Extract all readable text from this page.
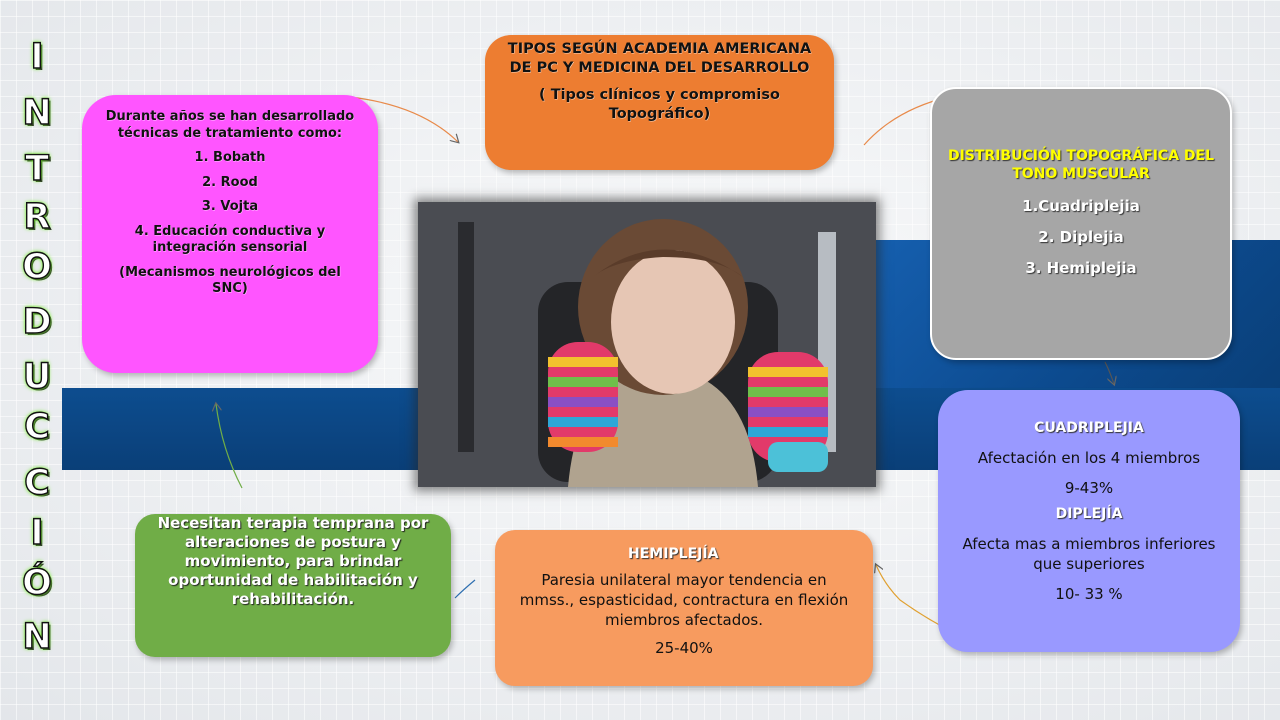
I
N
T
R
O
D
U
C
C
I
Ó
N

TIPOS SEGÚN ACADEMIA AMERICANA DE PC Y MEDICINA DEL DESARROLLO

( Tipos clínicos y compromiso Topográfico)

Durante años se han desarrollado técnicas de tratamiento como:

1. Bobath

2. Rood

3. Vojta

4. Educación conductiva y integración sensorial

(Mecanismos neurológicos del SNC)

DISTRIBUCIÓN TOPOGRÁFICA DEL TONO MUSCULAR

1.Cuadriplejia

2. Diplejia

3. Hemiplejia

CUADRIPLEJIA

Afectación en los 4 miembros

9-43%

DIPLEJÍA

Afecta mas a miembros inferiores que superiores

10- 33 %

Necesitan terapia temprana por alteraciones de postura y movimiento, para brindar oportunidad de habilitación y rehabilitación.

HEMIPLEJÍA

Paresia unilateral mayor tendencia en mmss., espasticidad, contractura en flexión miembros afectados.

25-40%
